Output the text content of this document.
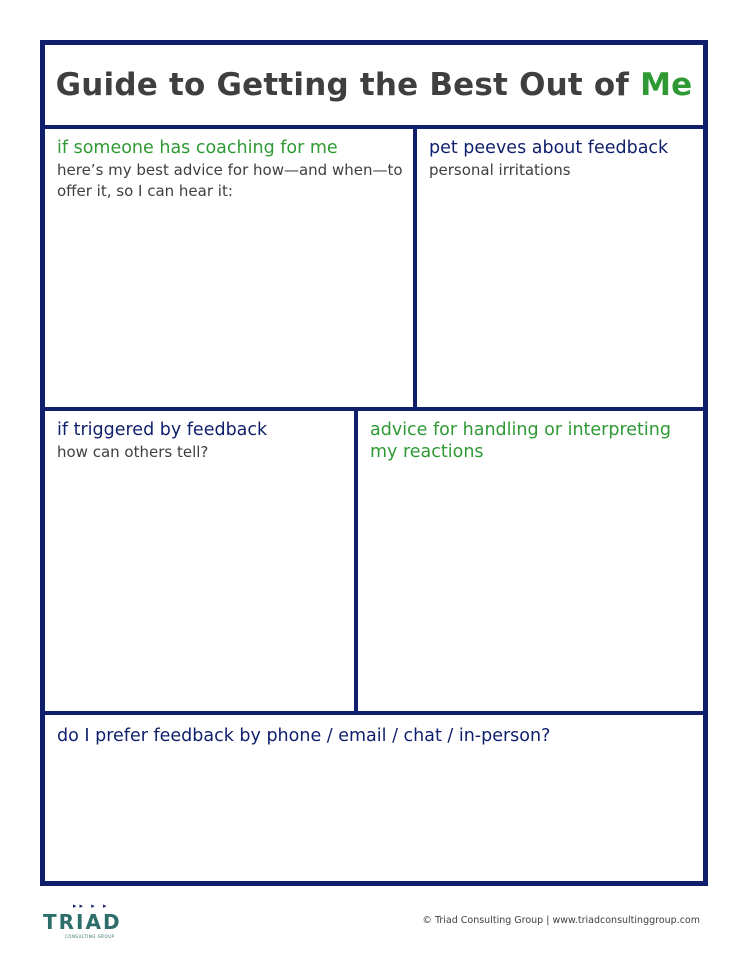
Guide to Getting the Best Out of Me

if someone has coaching for me

here’s my best advice for how—and when—to offer it, so I can hear it:

pet peeves about feedback

personal irritations

if triggered by feedback

how can others tell?

advice for handling or interpreting my reactions

do I prefer feedback by phone / email / chat / in-person?

▸▸ ▸ ▸
TRIAD
CONSULTING GROUP
© Triad Consulting Group | www.triadconsultinggroup.com
